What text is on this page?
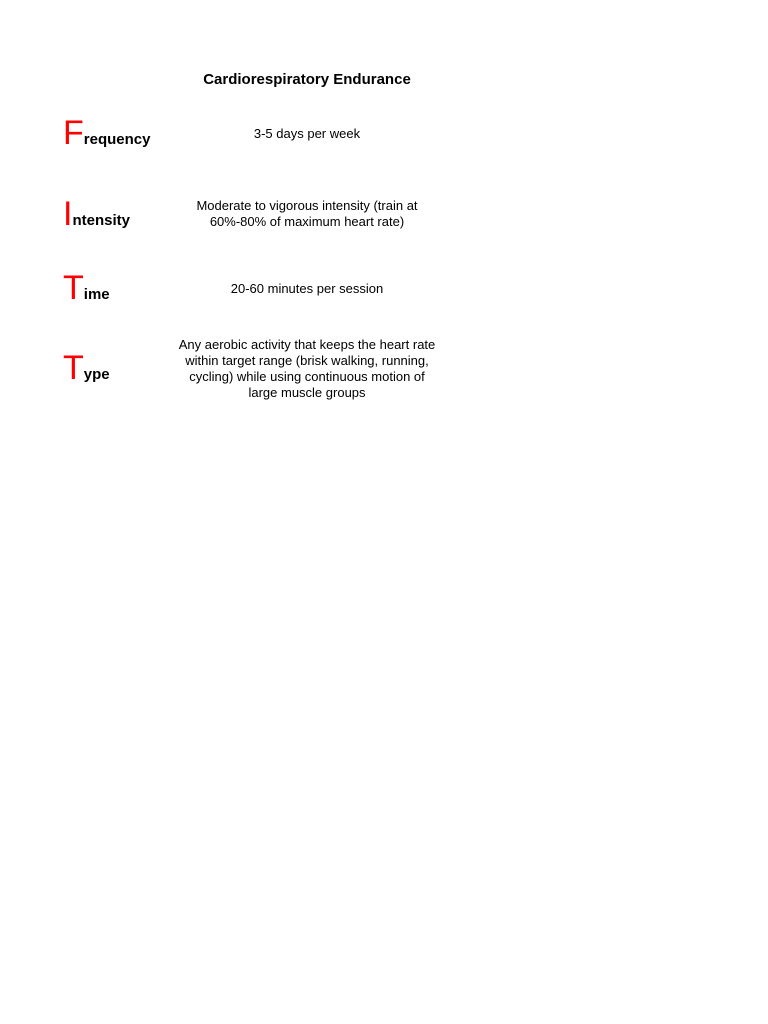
Cardiorespiratory Endurance
Frequency	3-5 days per week
Intensity
Moderate to vigorous intensity (train at 60%-80% of maximum heart rate)
Time	20-60 minutes per session
Type
Any aerobic activity that keeps the heart rate within target range (brisk walking, running, cycling) while using continuous motion of large muscle groups
